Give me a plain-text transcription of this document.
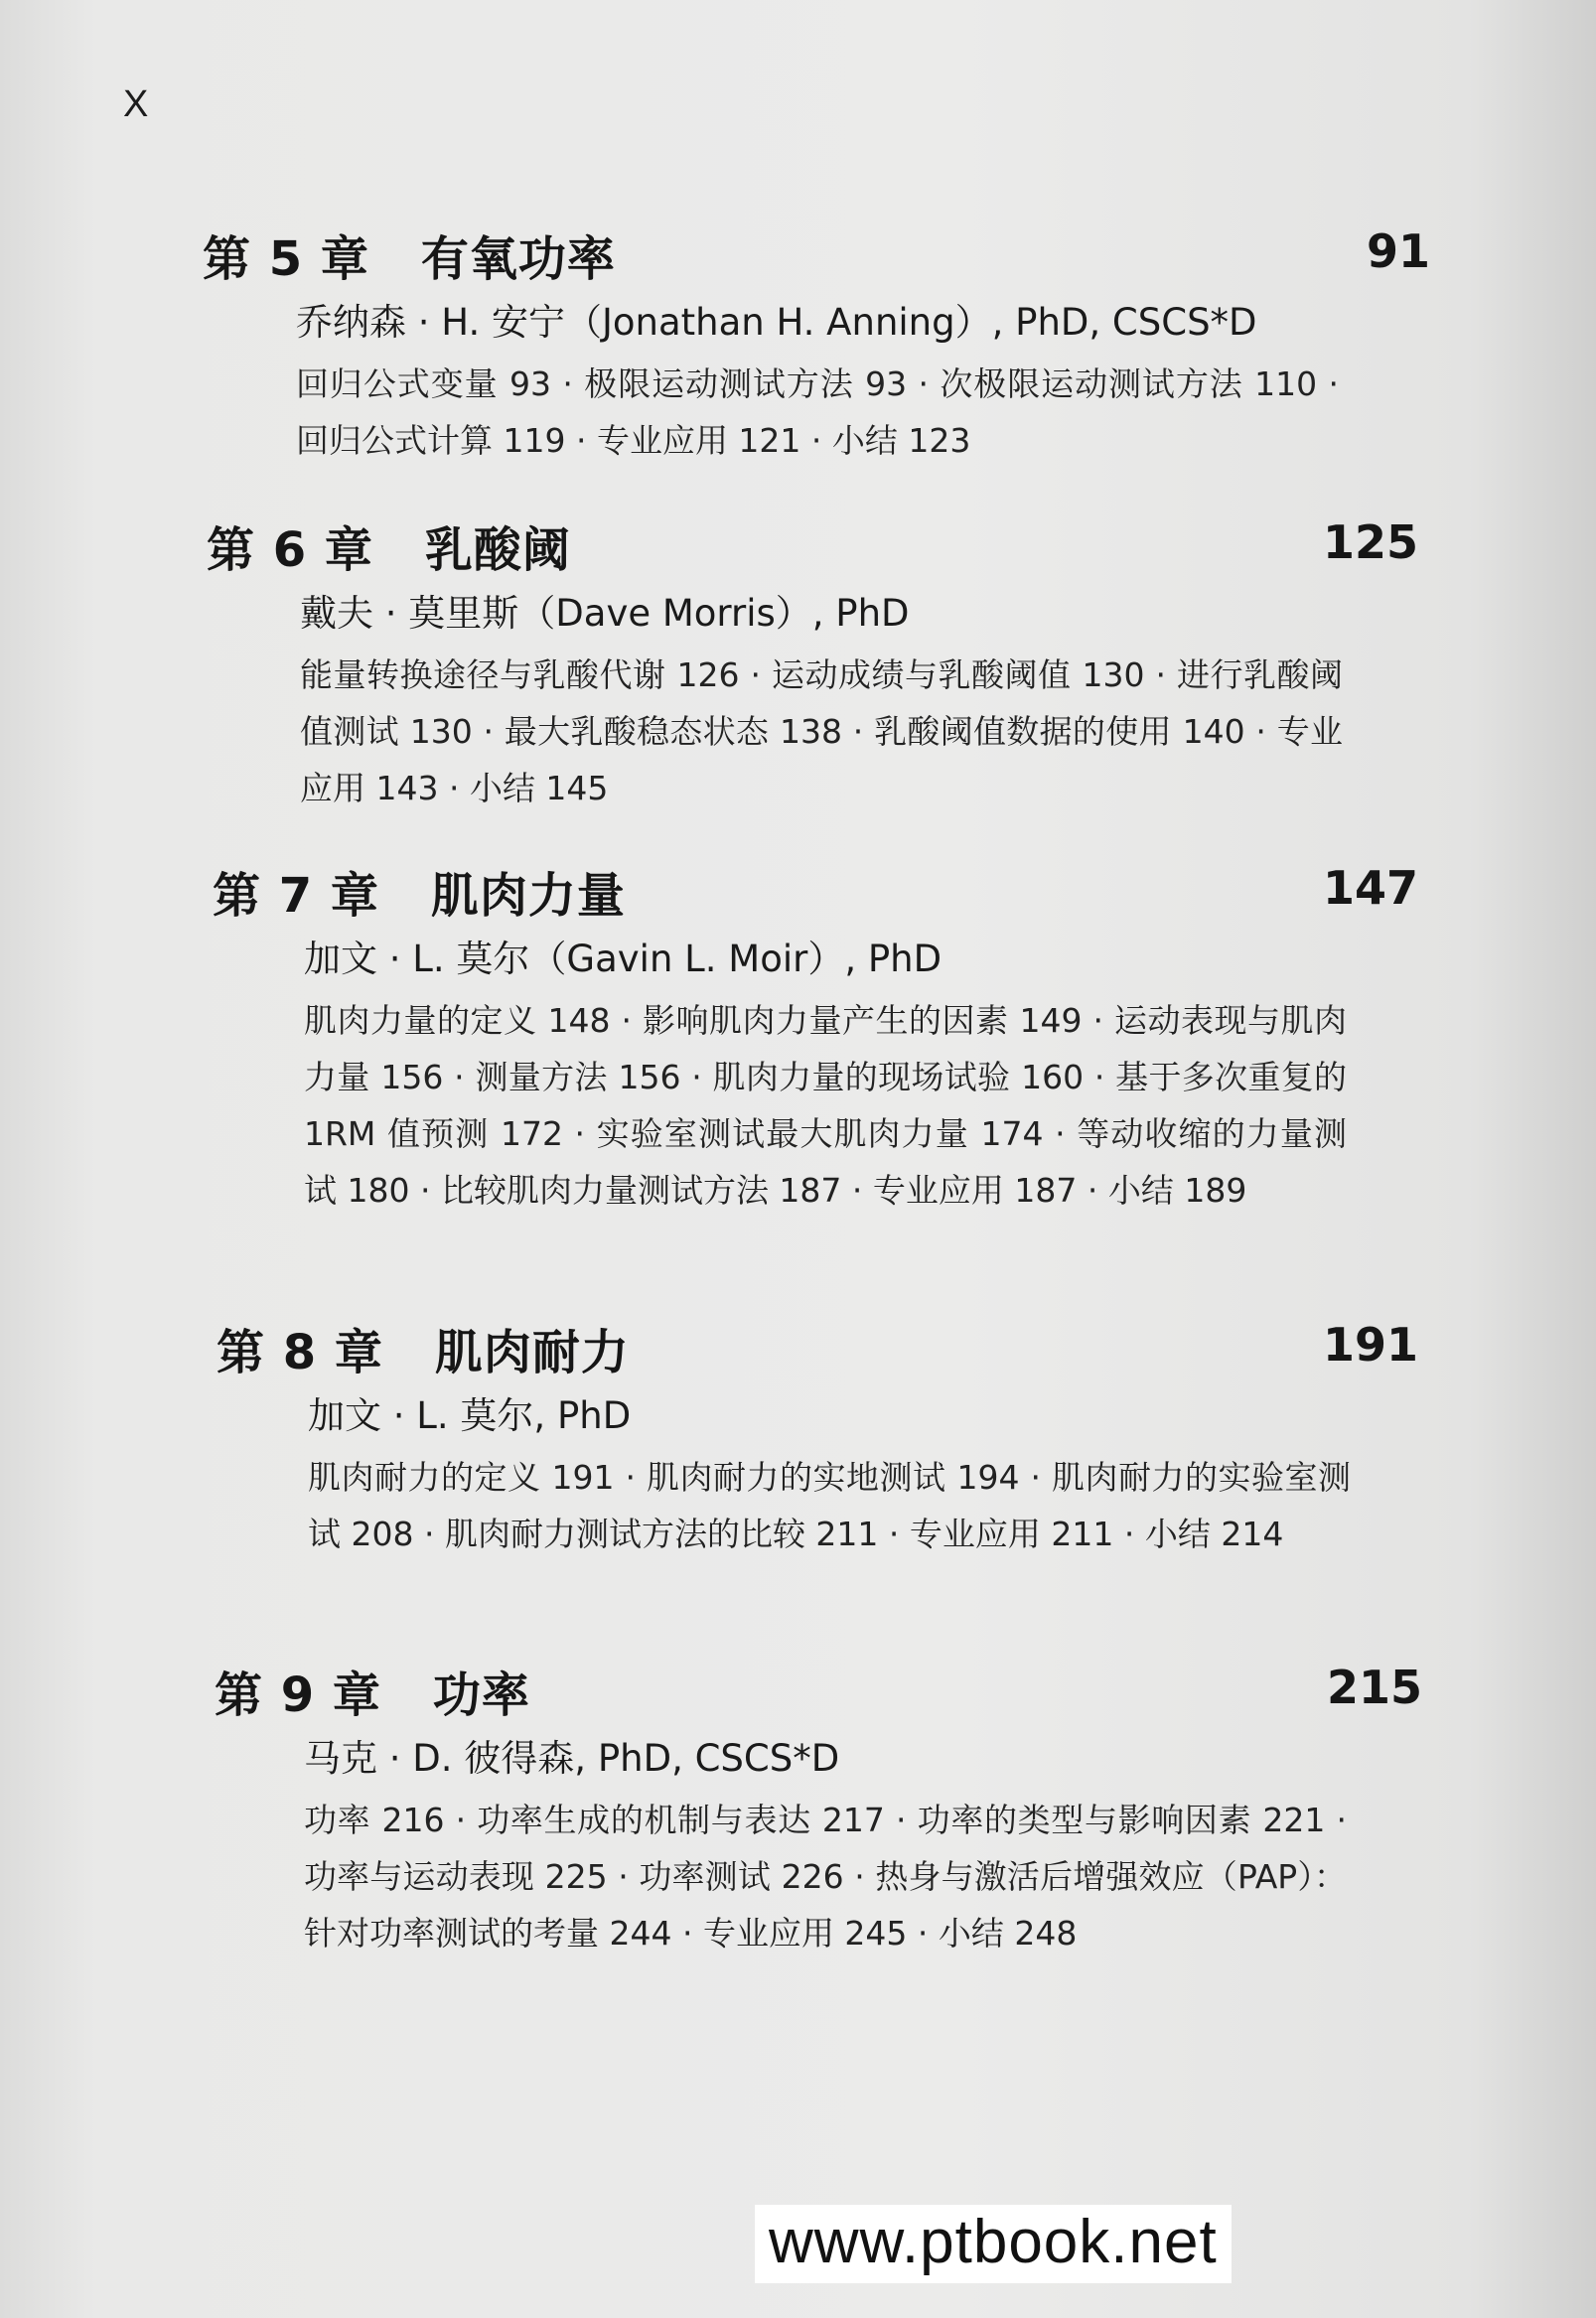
X
第 5 章 有氧功率	91
乔纳森 · H. 安宁（Jonathan H. Anning）, PhD, CSCS*D
回归公式变量 93 · 极限运动测试方法 93 · 次极限运动测试方法 110 · 回归公式计算 119 · 专业应用 121 · 小结 123
第 6 章 乳酸阈	125
戴夫 · 莫里斯（Dave Morris）, PhD
能量转换途径与乳酸代谢 126 · 运动成绩与乳酸阈值 130 · 进行乳酸阈值测试 130 · 最大乳酸稳态状态 138 · 乳酸阈值数据的使用 140 · 专业应用 143 · 小结 145
第 7 章 肌肉力量	147
加文 · L. 莫尔（Gavin L. Moir）, PhD
肌肉力量的定义 148 · 影响肌肉力量产生的因素 149 · 运动表现与肌肉力量 156 · 测量方法 156 · 肌肉力量的现场试验 160 · 基于多次重复的 1RM 值预测 172 · 实验室测试最大肌肉力量 174 · 等动收缩的力量测试 180 · 比较肌肉力量测试方法 187 · 专业应用 187 · 小结 189
第 8 章 肌肉耐力	191
加文 · L. 莫尔, PhD
肌肉耐力的定义 191 · 肌肉耐力的实地测试 194 · 肌肉耐力的实验室测试 208 · 肌肉耐力测试方法的比较 211 · 专业应用 211 · 小结 214
第 9 章 功率	215
马克 · D. 彼得森, PhD, CSCS*D
功率 216 · 功率生成的机制与表达 217 · 功率的类型与影响因素 221 · 功率与运动表现 225 · 功率测试 226 · 热身与激活后增强效应（PAP）：针对功率测试的考量 244 · 专业应用 245 · 小结 248
www.ptbook.net
